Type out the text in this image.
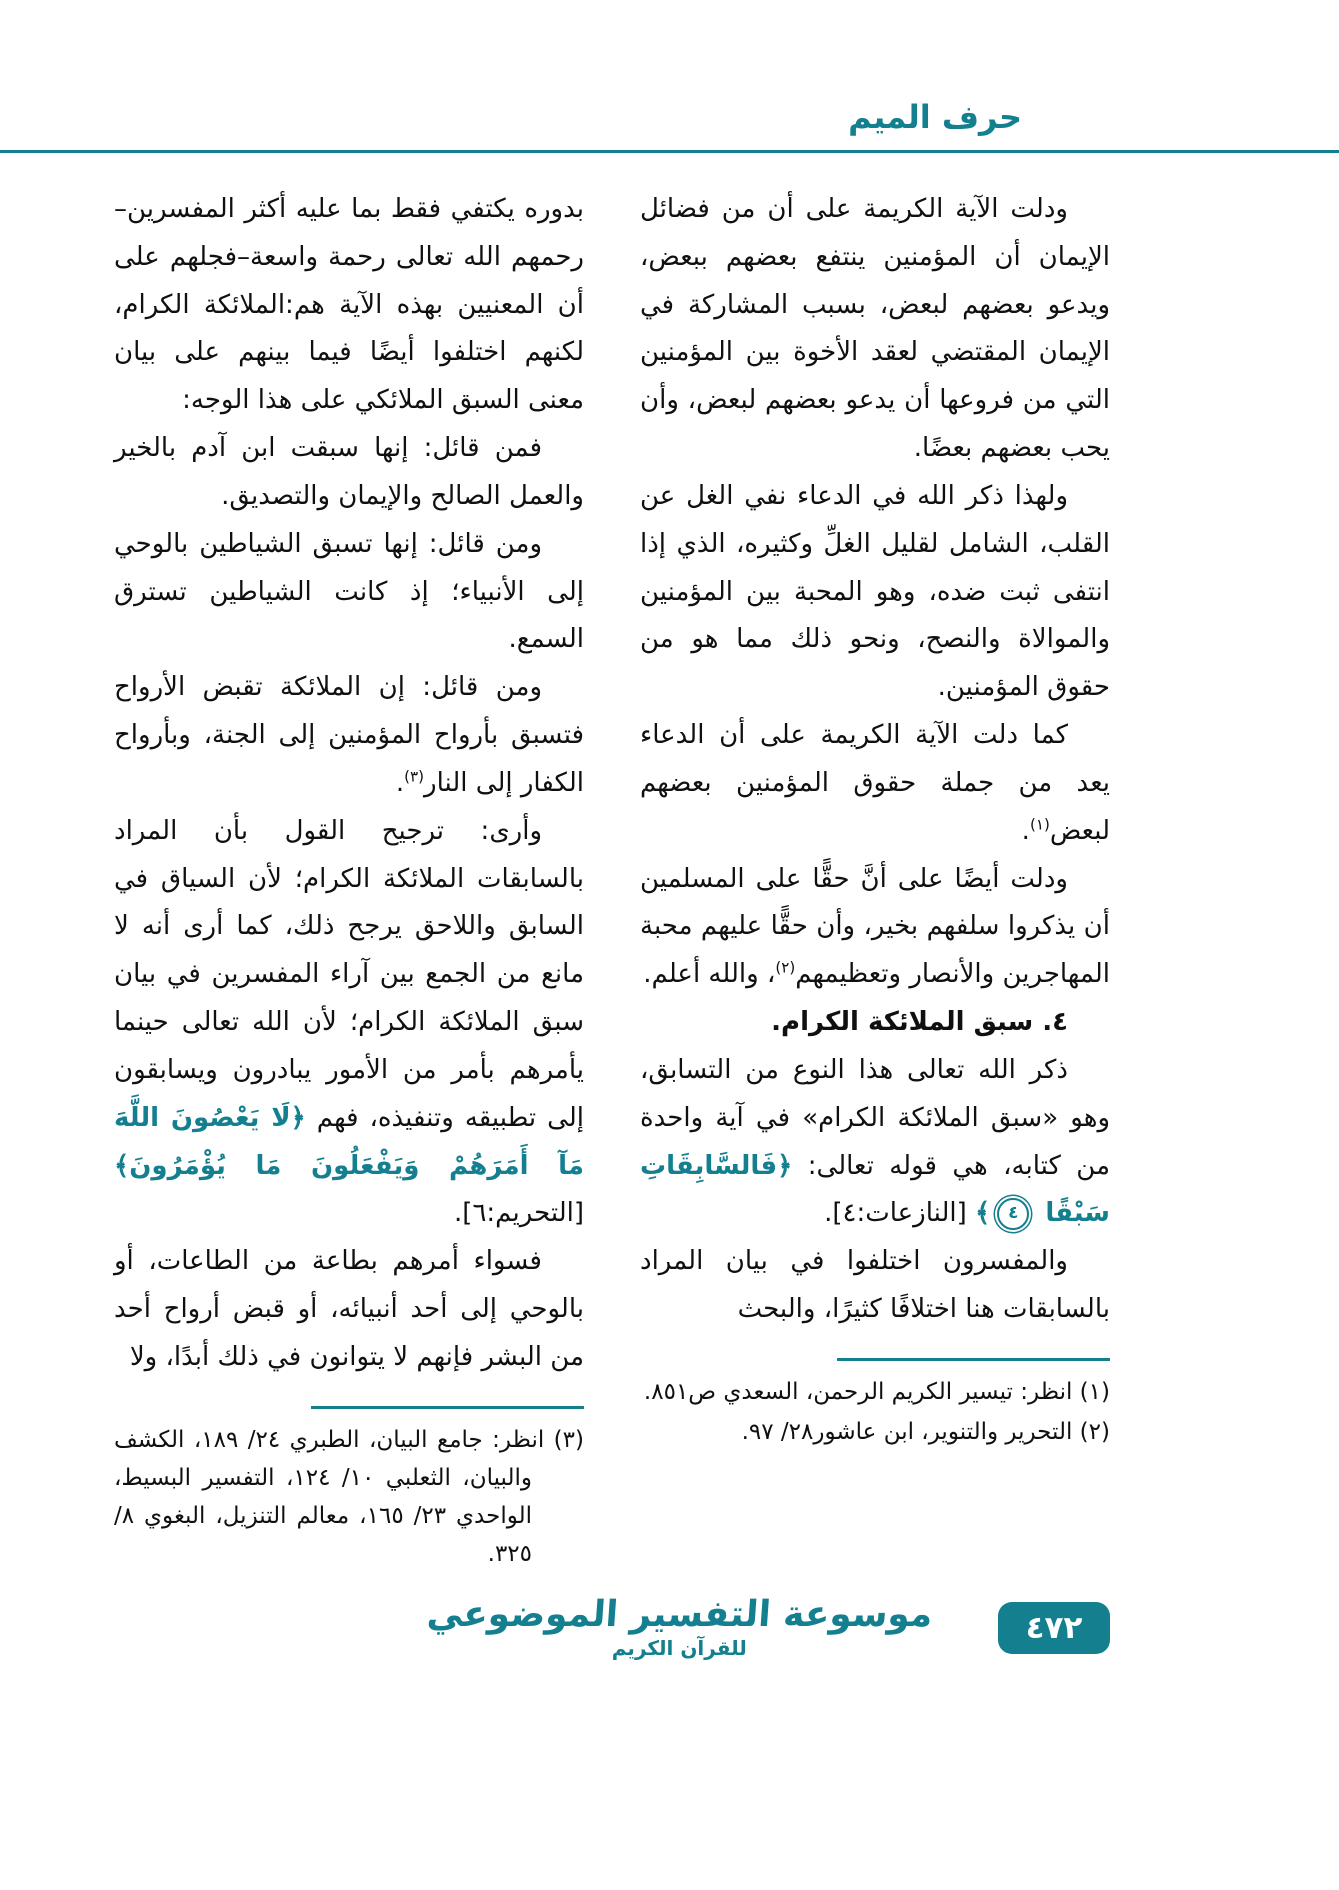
حرف الميم

ودلت الآية الكريمة على أن من فضائل الإيمان أن المؤمنين ينتفع بعضهم ببعض، ويدعو بعضهم لبعض، بسبب المشاركة في الإيمان المقتضي لعقد الأخوة بين المؤمنين التي من فروعها أن يدعو بعضهم لبعض، وأن يحب بعضهم بعضًا.

ولهذا ذكر الله في الدعاء نفي الغل عن القلب، الشامل لقليل الغلِّ وكثيره، الذي إذا انتفى ثبت ضده، وهو المحبة بين المؤمنين والموالاة والنصح، ونحو ذلك مما هو من حقوق المؤمنين.

كما دلت الآية الكريمة على أن الدعاء يعد من جملة حقوق المؤمنين بعضهم لبعض$^{(١)}$.

ودلت أيضًا على أنَّ حقًّا على المسلمين أن يذكروا سلفهم بخير، وأن حقًّا عليهم محبة المهاجرين والأنصار وتعظيمهم$^{(٢)}$، والله أعلم.

٤. سبق الملائكة الكرام.

ذكر الله تعالى هذا النوع من التسابق، وهو «سبق الملائكة الكرام» في آية واحدة من كتابه، هي قوله تعالى: ﴿فَالسَّابِقَاتِ سَبْقًا ٤﴾ [النازعات:٤].

والمفسرون اختلفوا في بيان المراد بالسابقات هنا اختلافًا كثيرًا، والبحث

(١) انظر: تيسير الكريم الرحمن، السعدي ص٨٥١.

(٢) التحرير والتنوير، ابن عاشور٢٨/ ٩٧.

بدوره يكتفي فقط بما عليه أكثر المفسرين– رحمهم الله تعالى رحمة واسعة–فجلهم على أن المعنيين بهذه الآية هم:الملائكة الكرام، لكنهم اختلفوا أيضًا فيما بينهم على بيان معنى السبق الملائكي على هذا الوجه:

فمن قائل: إنها سبقت ابن آدم بالخير والعمل الصالح والإيمان والتصديق.

ومن قائل: إنها تسبق الشياطين بالوحي إلى الأنبياء؛ إذ كانت الشياطين تسترق السمع.

ومن قائل: إن الملائكة تقبض الأرواح فتسبق بأرواح المؤمنين إلى الجنة، وبأرواح الكفار إلى النار$^{(٣)}$.

وأرى: ترجيح القول بأن المراد بالسابقات الملائكة الكرام؛ لأن السياق في السابق واللاحق يرجح ذلك، كما أرى أنه لا مانع من الجمع بين آراء المفسرين في بيان سبق الملائكة الكرام؛ لأن الله تعالى حينما يأمرهم بأمر من الأمور يبادرون ويسابقون إلى تطبيقه وتنفيذه، فهم ﴿لَا يَعْصُونَ اللَّهَ مَآ أَمَرَهُمْ وَيَفْعَلُونَ مَا يُؤْمَرُونَ﴾ [التحريم:٦].

فسواء أمرهم بطاعة من الطاعات، أو بالوحي إلى أحد أنبيائه، أو قبض أرواح أحد من البشر فإنهم لا يتوانون في ذلك أبدًا، ولا

(٣) انظر: جامع البيان، الطبري ٢٤/ ١٨٩، الكشف والبيان، الثعلبي ١٠/ ١٢٤، التفسير البسيط، الواحدي ٢٣/ ١٦٥، معالم التنزيل، البغوي ٨/ ٣٢٥.

٤٧٢
موسوعة التفسير الموضوعي
للقرآن الكريم
